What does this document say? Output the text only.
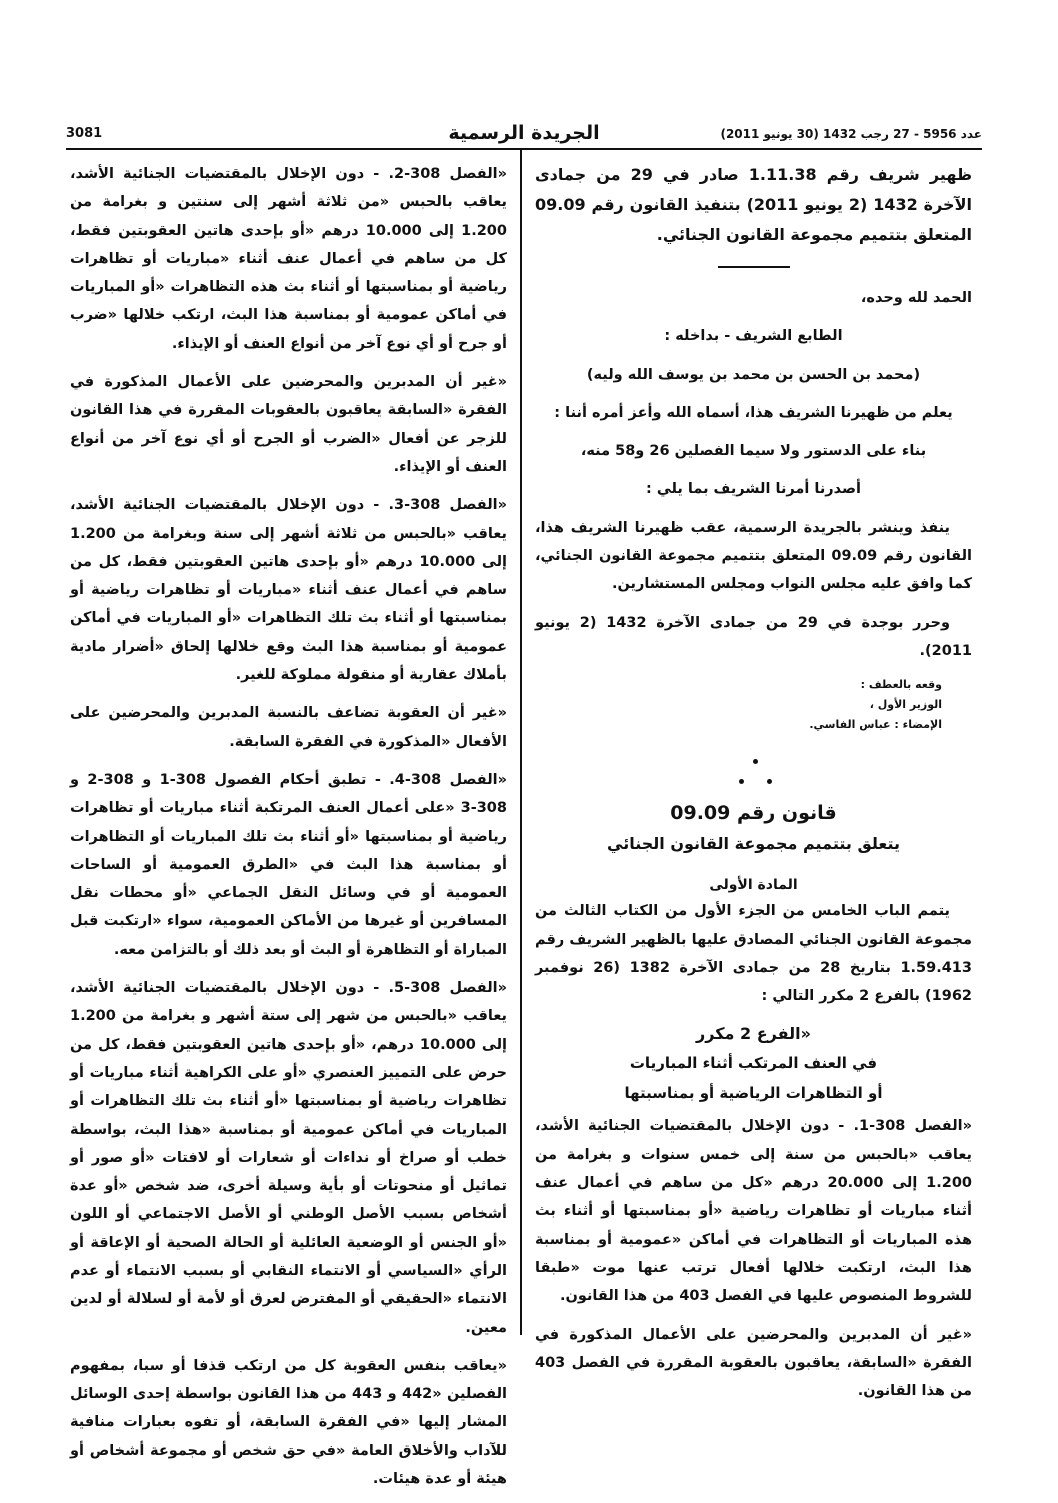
3081	الجريدة الرسمية	عدد 5956 - 27 رجب 1432 (30 يونيو 2011)

ظهير شريف رقم 1.11.38 صادر في 29 من جمادى الآخرة 1432 (2 يونيو 2011) بتنفيذ القانون رقم 09.09 المتعلق بتتميم مجموعة القانون الجنائي.

الحمد لله وحده،

الطابع الشريف - بداخله :

(محمد بن الحسن بن محمد بن يوسف الله وليه)

يعلم من ظهيرنا الشريف هذا، أسماه الله وأعز أمره أننا :

بناء على الدستور ولا سيما الفصلين 26 و58 منه،

أصدرنا أمرنا الشريف بما يلي :

ينفذ وينشر بالجريدة الرسمية، عقب ظهيرنا الشريف هذا، القانون رقم 09.09 المتعلق بتتميم مجموعة القانون الجنائي، كما وافق عليه مجلس النواب ومجلس المستشارين.

وحرر بوجدة في 29 من جمادى الآخرة 1432 (2 يونيو 2011).

وقعه بالعطف :

الوزير الأول ،

الإمضاء : عباس الفاسي.

قانون رقم 09.09

يتعلق بتتميم مجموعة القانون الجنائي

المادة الأولى

يتمم الباب الخامس من الجزء الأول من الكتاب الثالث من مجموعة القانون الجنائي المصادق عليها بالظهير الشريف رقم 1.59.413 بتاريخ 28 من جمادى الآخرة 1382 (26 نوفمبر 1962) بالفرع 2 مكرر التالي :

«الفرع 2 مكرر

في العنف المرتكب أثناء المباريات

أو التظاهرات الرياضية أو بمناسبتها

«الفصل 308-1. - دون الإخلال بالمقتضيات الجنائية الأشد، يعاقب «بالحبس من سنة إلى خمس سنوات و بغرامة من 1.200 إلى 20.000 درهم «كل من ساهم في أعمال عنف أثناء مباريات أو تظاهرات رياضية «أو بمناسبتها أو أثناء بث هذه المباريات أو التظاهرات في أماكن «عمومية أو بمناسبة هذا البث، ارتكبت خلالها أفعال ترتب عنها موت «طبقا للشروط المنصوص عليها في الفصل 403 من هذا القانون.

«غير أن المدبرين والمحرضين على الأعمال المذكورة في الفقرة «السابقة، يعاقبون بالعقوبة المقررة في الفصل 403 من هذا القانون.

«الفصل 308-2. - دون الإخلال بالمقتضيات الجنائية الأشد، يعاقب بالحبس «من ثلاثة أشهر إلى سنتين و بغرامة من 1.200 إلى 10.000 درهم «أو بإحدى هاتين العقوبتين فقط، كل من ساهم في أعمال عنف أثناء «مباريات أو تظاهرات رياضية أو بمناسبتها أو أثناء بث هذه التظاهرات «أو المباريات في أماكن عمومية أو بمناسبة هذا البث، ارتكب خلالها «ضرب أو جرح أو أي نوع آخر من أنواع العنف أو الإيذاء.

«غير أن المدبرين والمحرضين على الأعمال المذكورة في الفقرة «السابقة يعاقبون بالعقوبات المقررة في هذا القانون للزجر عن أفعال «الضرب أو الجرح أو أي نوع آخر من أنواع العنف أو الإيذاء.

«الفصل 308-3. - دون الإخلال بالمقتضيات الجنائية الأشد، يعاقب «بالحبس من ثلاثة أشهر إلى سنة وبغرامة من 1.200 إلى 10.000 درهم «أو بإحدى هاتين العقوبتين فقط، كل من ساهم في أعمال عنف أثناء «مباريات أو تظاهرات رياضية أو بمناسبتها أو أثناء بث تلك التظاهرات «أو المباريات في أماكن عمومية أو بمناسبة هذا البث وقع خلالها إلحاق «أضرار مادية بأملاك عقارية أو منقولة مملوكة للغير.

«غير أن العقوبة تضاعف بالنسبة المدبرين والمحرضين على الأفعال «المذكورة في الفقرة السابقة.

«الفصل 308-4. - تطبق أحكام الفصول 308-1 و 308-2 و 308-3 «على أعمال العنف المرتكبة أثناء مباريات أو تظاهرات رياضية أو بمناسبتها «أو أثناء بث تلك المباريات أو التظاهرات أو بمناسبة هذا البث في «الطرق العمومية أو الساحات العمومية أو في وسائل النقل الجماعي «أو محطات نقل المسافرين أو غيرها من الأماكن العمومية، سواء «ارتكبت قبل المباراة أو التظاهرة أو البث أو بعد ذلك أو بالتزامن معه.

«الفصل 308-5. - دون الإخلال بالمقتضيات الجنائية الأشد، يعاقب «بالحبس من شهر إلى ستة أشهر و بغرامة من 1.200 إلى 10.000 درهم، «أو بإحدى هاتين العقوبتين فقط، كل من حرض على التمييز العنصري «أو على الكراهية أثناء مباريات أو تظاهرات رياضية أو بمناسبتها «أو أثناء بث تلك التظاهرات أو المباريات في أماكن عمومية أو بمناسبة «هذا البث، بواسطة خطب أو صراخ أو نداءات أو شعارات أو لافتات «أو صور أو تماثيل أو منحوتات أو بأية وسيلة أخرى، ضد شخص «أو عدة أشخاص بسبب الأصل الوطني أو الأصل الاجتماعي أو اللون «أو الجنس أو الوضعية العائلية أو الحالة الصحية أو الإعاقة أو الرأي «السياسي أو الانتماء النقابي أو بسبب الانتماء أو عدم الانتماء «الحقيقي أو المفترض لعرق أو لأمة أو لسلالة أو لدين معين.

«يعاقب بنفس العقوبة كل من ارتكب قذفا أو سبا، بمفهوم الفصلين «442 و 443 من هذا القانون بواسطة إحدى الوسائل المشار إليها «في الفقرة السابقة، أو تفوه بعبارات منافية للآداب والأخلاق العامة «في حق شخص أو مجموعة أشخاص أو هيئة أو عدة هيئات.
